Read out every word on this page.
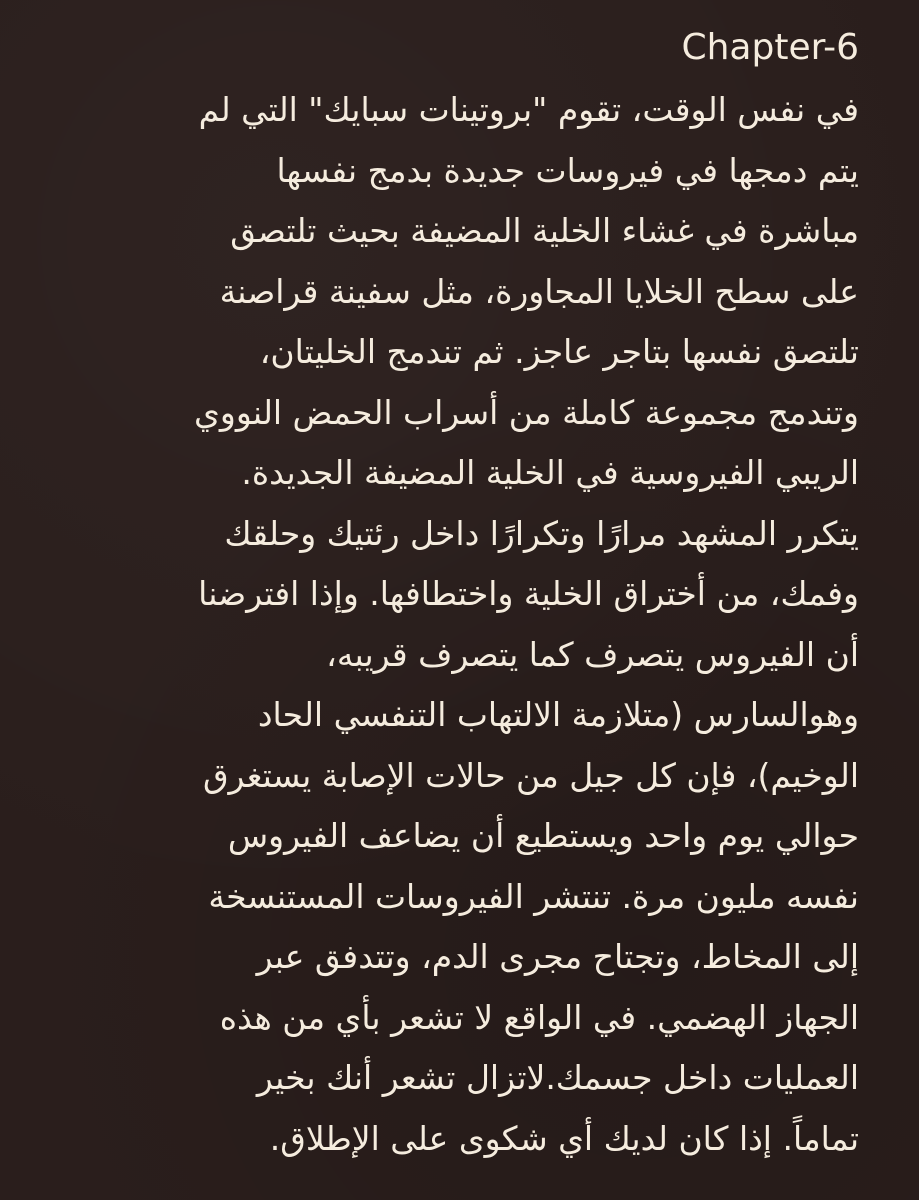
Chapter-6
في نفس الوقت، تقوم "بروتينات سبايك" التي لم
يتم دمجها في فيروسات جديدة بدمج نفسها
مباشرة في غشاء الخلية المضيفة بحيث تلتصق
على سطح الخلايا المجاورة، مثل سفينة قراصنة
تلتصق نفسها بتاجر عاجز. ثم تندمج الخليتان،
وتندمج مجموعة كاملة من أسراب الحمض النووي
الريبي الفيروسية في الخلية المضيفة الجديدة.
يتكرر المشهد مرارًا وتكرارًا داخل رئتيك وحلقك
وفمك، من أختراق الخلية واختطافها. وإذا افترضنا
أن الفيروس يتصرف كما يتصرف قريبه،
وهوالسارس (متلازمة الالتهاب التنفسي الحاد
الوخيم)، فإن كل جيل من حالات الإصابة يستغرق
حوالي يوم واحد ويستطيع أن يضاعف الفيروس
نفسه مليون مرة. تنتشر الفيروسات المستنسخة
إلى المخاط، وتجتاح مجرى الدم، وتتدفق عبر
الجهاز الهضمي. في الواقع لا تشعر بأي من هذه
العمليات داخل جسمك.لاتزال تشعر أنك بخير
تماماً. إذا كان لديك أي شكوى على الإطلاق.
